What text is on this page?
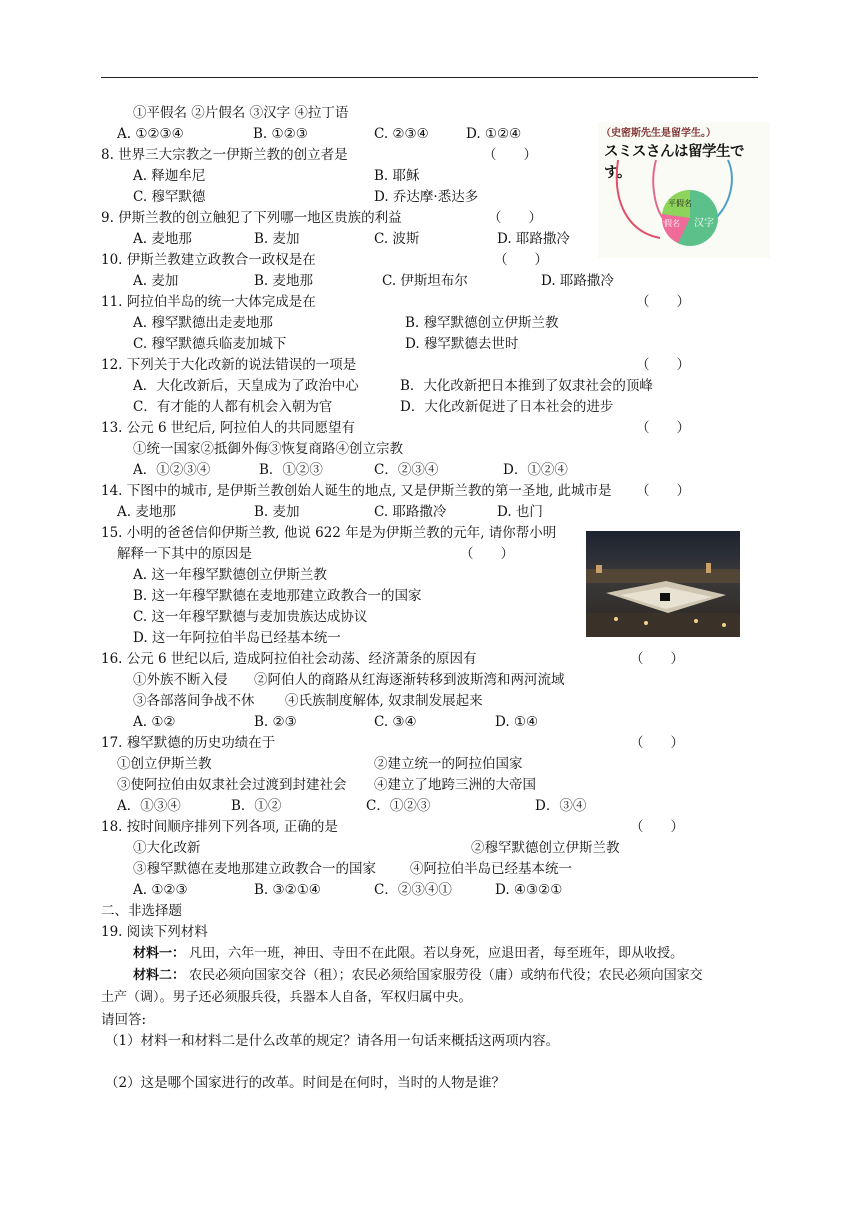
①平假名 ②片假名 ③汉字 ④拉丁语
A. ①②③④	B. ①②③	C. ②③④	D. ①②④	（史密斯先生是留学生。）
スミスさんは留学生です。
平假名
片假名 汉字
8. 世界三大宗教之一伊斯兰教的创立者是	（　　）
A. 释迦牟尼	B. 耶稣
C. 穆罕默德	D. 乔达摩·悉达多
9. 伊斯兰教的创立触犯了下列哪一地区贵族的利益	（　　）
A. 麦地那	B. 麦加	C. 波斯	D. 耶路撒冷
10. 伊斯兰教建立政教合一政权是在	（　　）
A. 麦加	B. 麦地那	C. 伊斯坦布尔	D. 耶路撒冷
11. 阿拉伯半岛的统一大体完成是在	（　　）
A. 穆罕默德出走麦地那	B. 穆罕默德创立伊斯兰教
C. 穆罕默德兵临麦加城下	D. 穆罕默德去世时
12. 下列关于大化改新的说法错误的一项是	（　　）
A．大化改新后，天皇成为了政治中心	B．大化改新把日本推到了奴隶社会的顶峰
C．有才能的人都有机会入朝为官	D．大化改新促进了日本社会的进步
13. 公元 6 世纪后, 阿拉伯人的共同愿望有	（　　）
①统一国家②抵御外侮③恢复商路④创立宗教
A．①②③④	B．①②③	C．②③④	D．①②④
14. 下图中的城市, 是伊斯兰教创始人诞生的地点, 又是伊斯兰教的第一圣地, 此城市是 （　　）
A. 麦地那	B. 麦加	C. 耶路撒冷	D. 也门
15. 小明的爸爸信仰伊斯兰教, 他说 622 年是为伊斯兰教的元年, 请你帮小明
解释一下其中的原因是	（　　）
A. 这一年穆罕默德创立伊斯兰教
B. 这一年穆罕默德在麦地那建立政教合一的国家
C. 这一年穆罕默德与麦加贵族达成协议
D. 这一年阿拉伯半岛已经基本统一
16. 公元 6 世纪以后, 造成阿拉伯社会动荡、经济萧条的原因有	（　　）
①外族不断入侵 ②阿伯人的商路从红海逐渐转移到波斯湾和两河流域
③各部落间争战不休 ④氏族制度解体, 奴隶制发展起来
A. ①②	B. ②③	C. ③④	D. ①④
17. 穆罕默德的历史功绩在于	（　　）
①创立伊斯兰教	②建立统一的阿拉伯国家
③使阿拉伯由奴隶社会过渡到封建社会 ④建立了地跨三洲的大帝国
A．①③④	B．①②	C．①②③	D．③④
18. 按时间顺序排列下列各项, 正确的是	（　　）
①大化改新	②穆罕默德创立伊斯兰教
③穆罕默德在麦地那建立政教合一的国家	④阿拉伯半岛已经基本统一
A. ①②③	B. ③②①④	C．②③④①	D. ④③②①
二、非选择题
19. 阅读下列材料
材料一： 凡田，六年一班，神田、寺田不在此限。若以身死，应退田者，每至班年，即从收授。
材料二： 农民必须向国家交谷（租）；农民必须给国家服劳役（庸）或纳布代役；农民必须向国家交
土产（调）。男子还必须服兵役，兵器本人自备，军权归属中央。
请回答:
（1）材料一和材料二是什么改革的规定？请各用一句话来概括这两项内容。
（2）这是哪个国家进行的改革。时间是在何时，当时的人物是谁？
